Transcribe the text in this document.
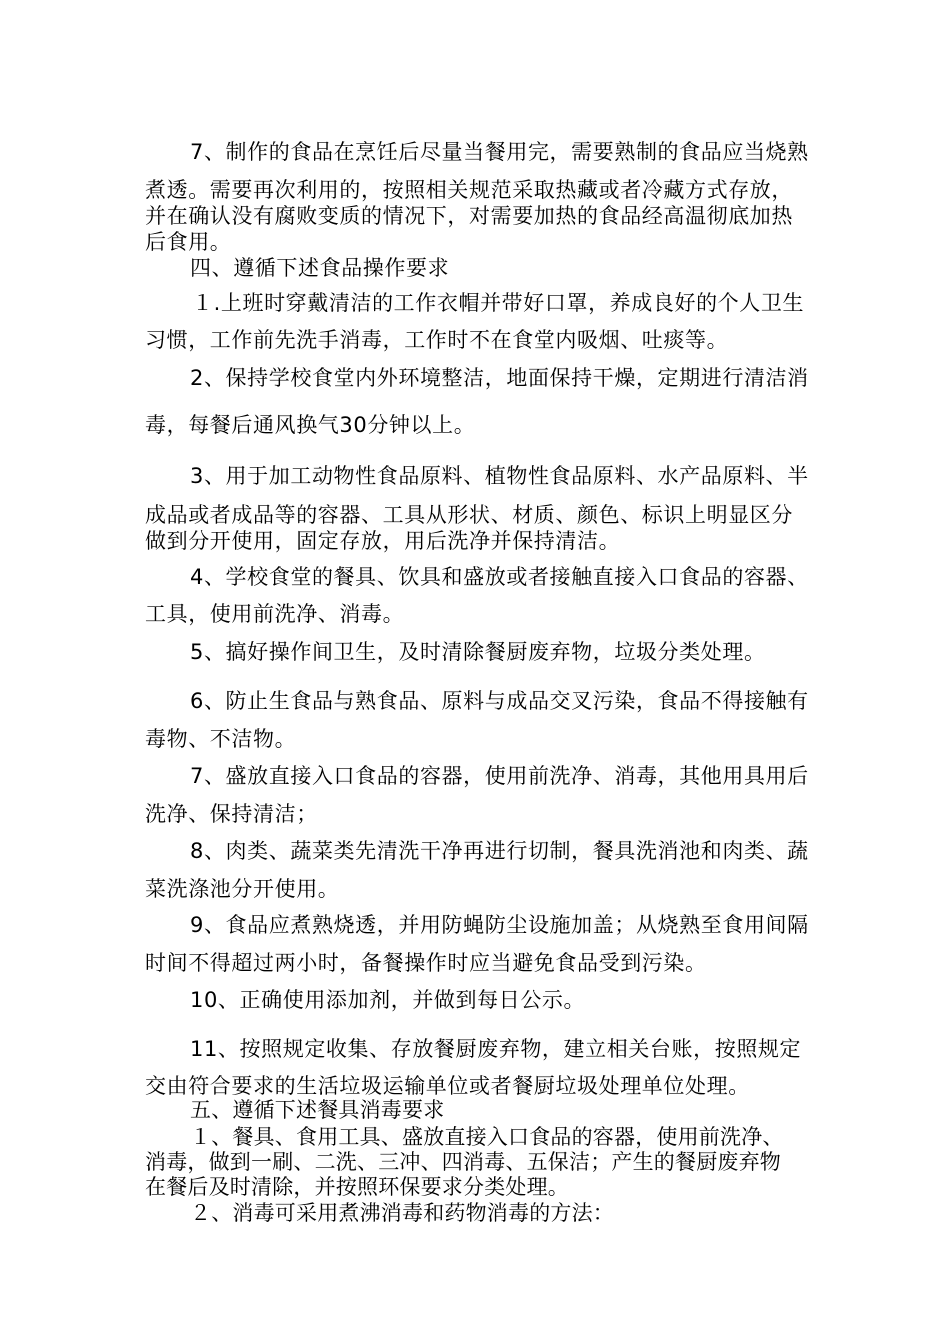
7、制作的食品在烹饪后尽量当餐用完，需要熟制的食品应当烧熟
煮透。需要再次利用的，按照相关规范采取热藏或者冷藏方式存放，
并在确认没有腐败变质的情况下，对需要加热的食品经高温彻底加热
后食用。
四、遵循下述食品操作要求
１.上班时穿戴清洁的工作衣帽并带好口罩，养成良好的个人卫生
习惯，工作前先洗手消毒，工作时不在食堂内吸烟、吐痰等。
2、保持学校食堂内外环境整洁，地面保持干燥，定期进行清洁消
毒，每餐后通风换气30分钟以上。
3、用于加工动物性食品原料、植物性食品原料、水产品原料、半
成品或者成品等的容器、工具从形状、材质、颜色、标识上明显区分
做到分开使用，固定存放，用后洗净并保持清洁。
4、学校食堂的餐具、饮具和盛放或者接触直接入口食品的容器、
工具，使用前洗净、消毒。
5、搞好操作间卫生，及时清除餐厨废弃物，垃圾分类处理。
6、防止生食品与熟食品、原料与成品交叉污染，食品不得接触有
毒物、不洁物。
7、盛放直接入口食品的容器，使用前洗净、消毒，其他用具用后
洗净、保持清洁；
8、肉类、蔬菜类先清洗干净再进行切制，餐具洗消池和肉类、蔬
菜洗涤池分开使用。
9、食品应煮熟烧透，并用防蝇防尘设施加盖；从烧熟至食用间隔
时间不得超过两小时，备餐操作时应当避免食品受到污染。
10、正确使用添加剂，并做到每日公示。
11、按照规定收集、存放餐厨废弃物，建立相关台账，按照规定
交由符合要求的生活垃圾运输单位或者餐厨垃圾处理单位处理。
五、遵循下述餐具消毒要求
１、餐具、食用工具、盛放直接入口食品的容器，使用前洗净、
消毒，做到一刷、二洗、三冲、四消毒、五保洁；产生的餐厨废弃物
在餐后及时清除，并按照环保要求分类处理。
２、消毒可采用煮沸消毒和药物消毒的方法：
